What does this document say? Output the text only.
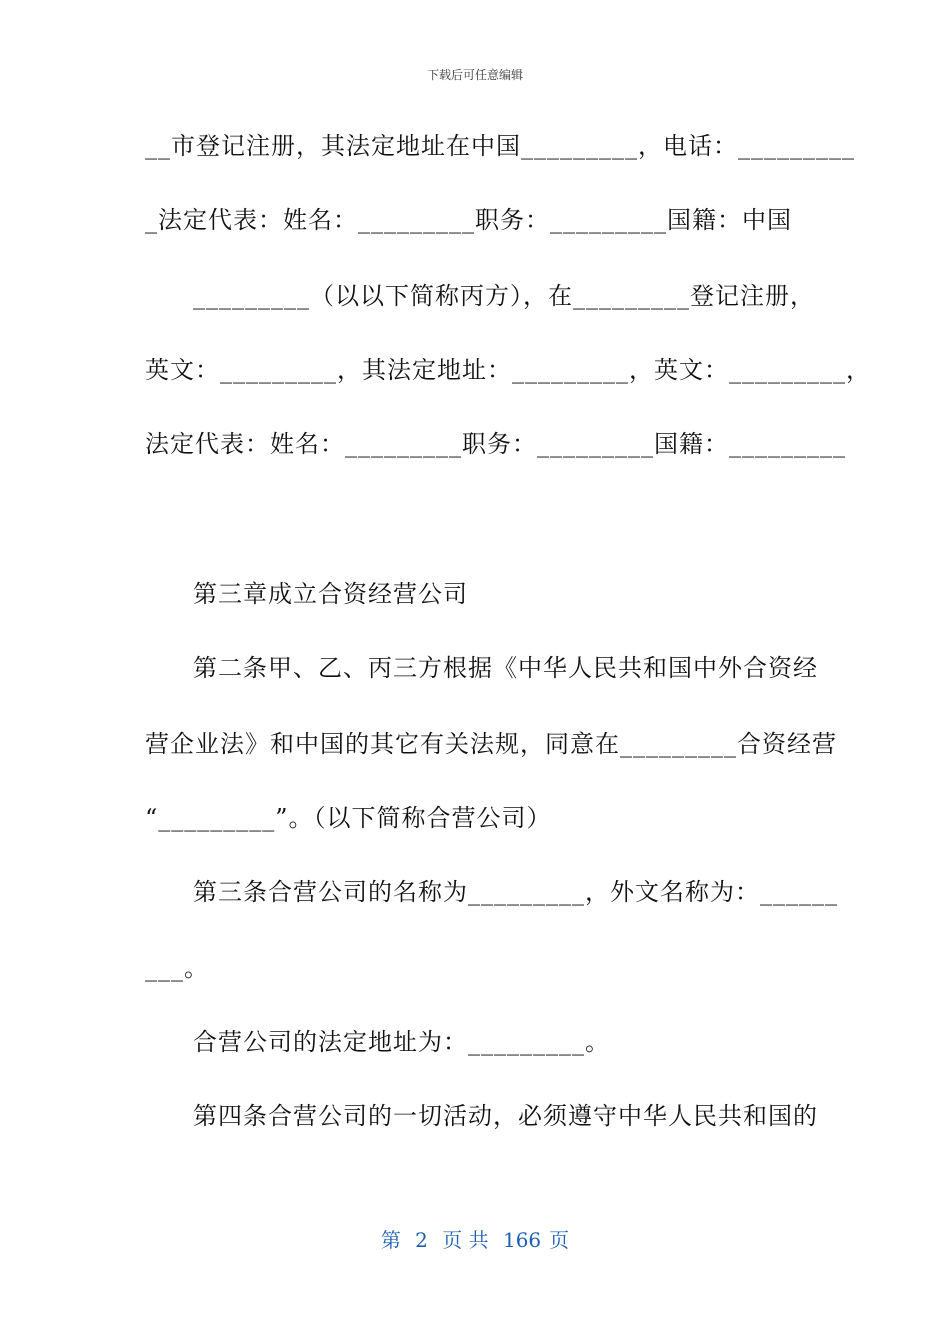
下载后可任意编辑
__市登记注册，其法定地址在中国_________，电话：_________
_法定代表：姓名：_________职务：_________国籍：中国
_________（以以下简称丙方），在_________登记注册，
英文：_________，其法定地址：_________，英文：_________，
法定代表：姓名：_________职务：_________国籍：_________
第三章成立合资经营公司
第二条甲、乙、丙三方根据《中华人民共和国中外合资经
营企业法》和中国的其它有关法规，同意在_________合资经营
“_________”。（以下简称合营公司）
第三条合营公司的名称为_________，外文名称为：______
___。
合营公司的法定地址为：_________。
第四条合营公司的一切活动，必须遵守中华人民共和国的
第 2 页 共 166 页
